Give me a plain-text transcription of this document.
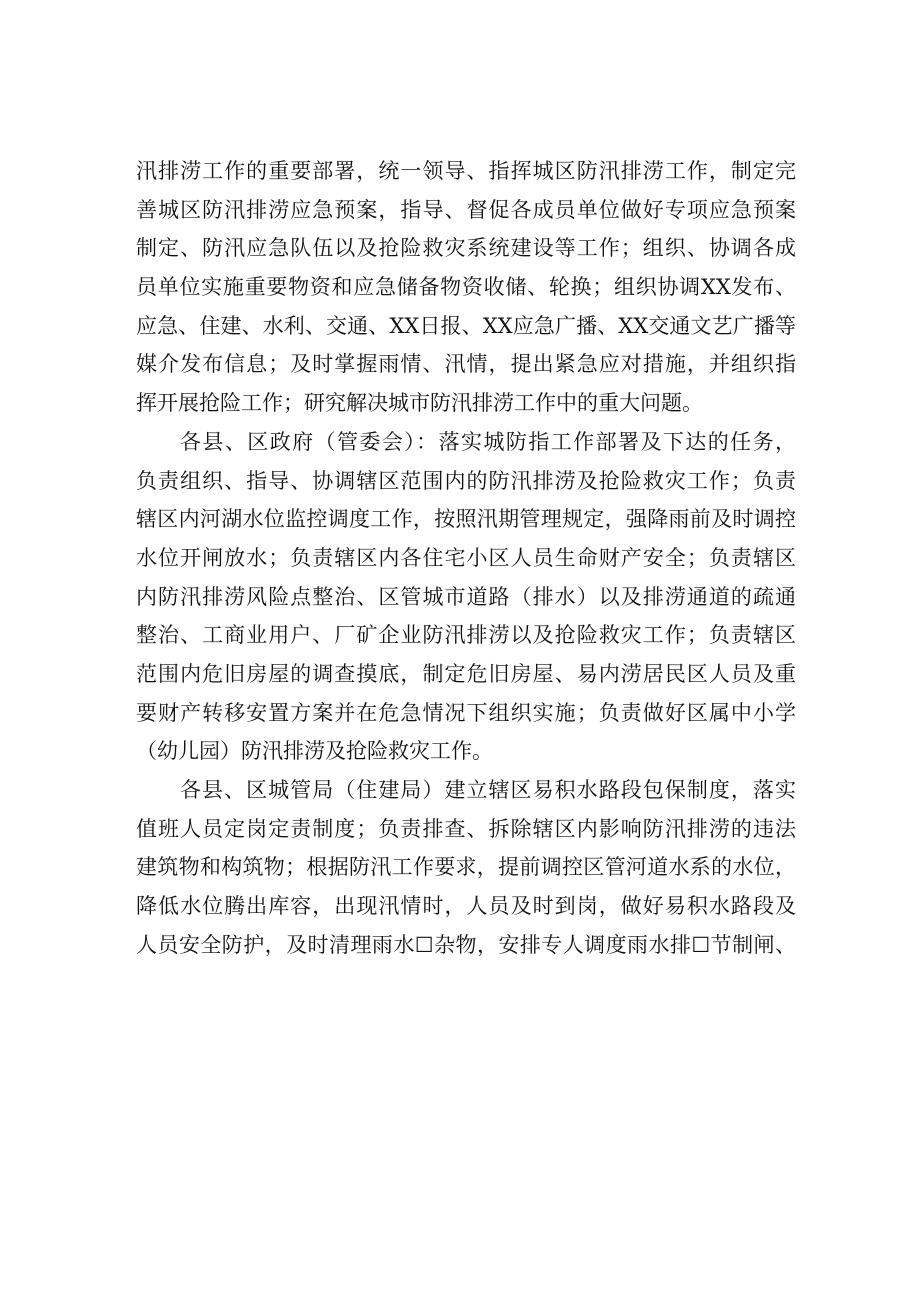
汛排涝工作的重要部署，统一领导、指挥城区防汛排涝工作，制定完
善城区防汛排涝应急预案，指导、督促各成员单位做好专项应急预案
制定、防汛应急队伍以及抢险救灾系统建设等工作；组织、协调各成
员单位实施重要物资和应急储备物资收储、轮换；组织协调XX发布、
应急、住建、水利、交通、XX日报、XX应急广播、XX交通文艺广播等
媒介发布信息；及时掌握雨情、汛情，提出紧急应对措施，并组织指
挥开展抢险工作；研究解决城市防汛排涝工作中的重大问题。
各县、区政府（管委会）：落实城防指工作部署及下达的任务，
负责组织、指导、协调辖区范围内的防汛排涝及抢险救灾工作；负责
辖区内河湖水位监控调度工作，按照汛期管理规定，强降雨前及时调控
水位开闸放水；负责辖区内各住宅小区人员生命财产安全；负责辖区
内防汛排涝风险点整治、区管城市道路（排水）以及排涝通道的疏通
整治、工商业用户、厂矿企业防汛排涝以及抢险救灾工作；负责辖区
范围内危旧房屋的调查摸底，制定危旧房屋、易内涝居民区人员及重
要财产转移安置方案并在危急情况下组织实施；负责做好区属中小学
（幼儿园）防汛排涝及抢险救灾工作。
各县、区城管局（住建局）建立辖区易积水路段包保制度，落实
值班人员定岗定责制度；负责排查、拆除辖区内影响防汛排涝的违法
建筑物和构筑物；根据防汛工作要求，提前调控区管河道水系的水位，
降低水位腾出库容，出现汛情时，人员及时到岗，做好易积水路段及
人员安全防护，及时清理雨水☐杂物，安排专人调度雨水排☐节制闸、
